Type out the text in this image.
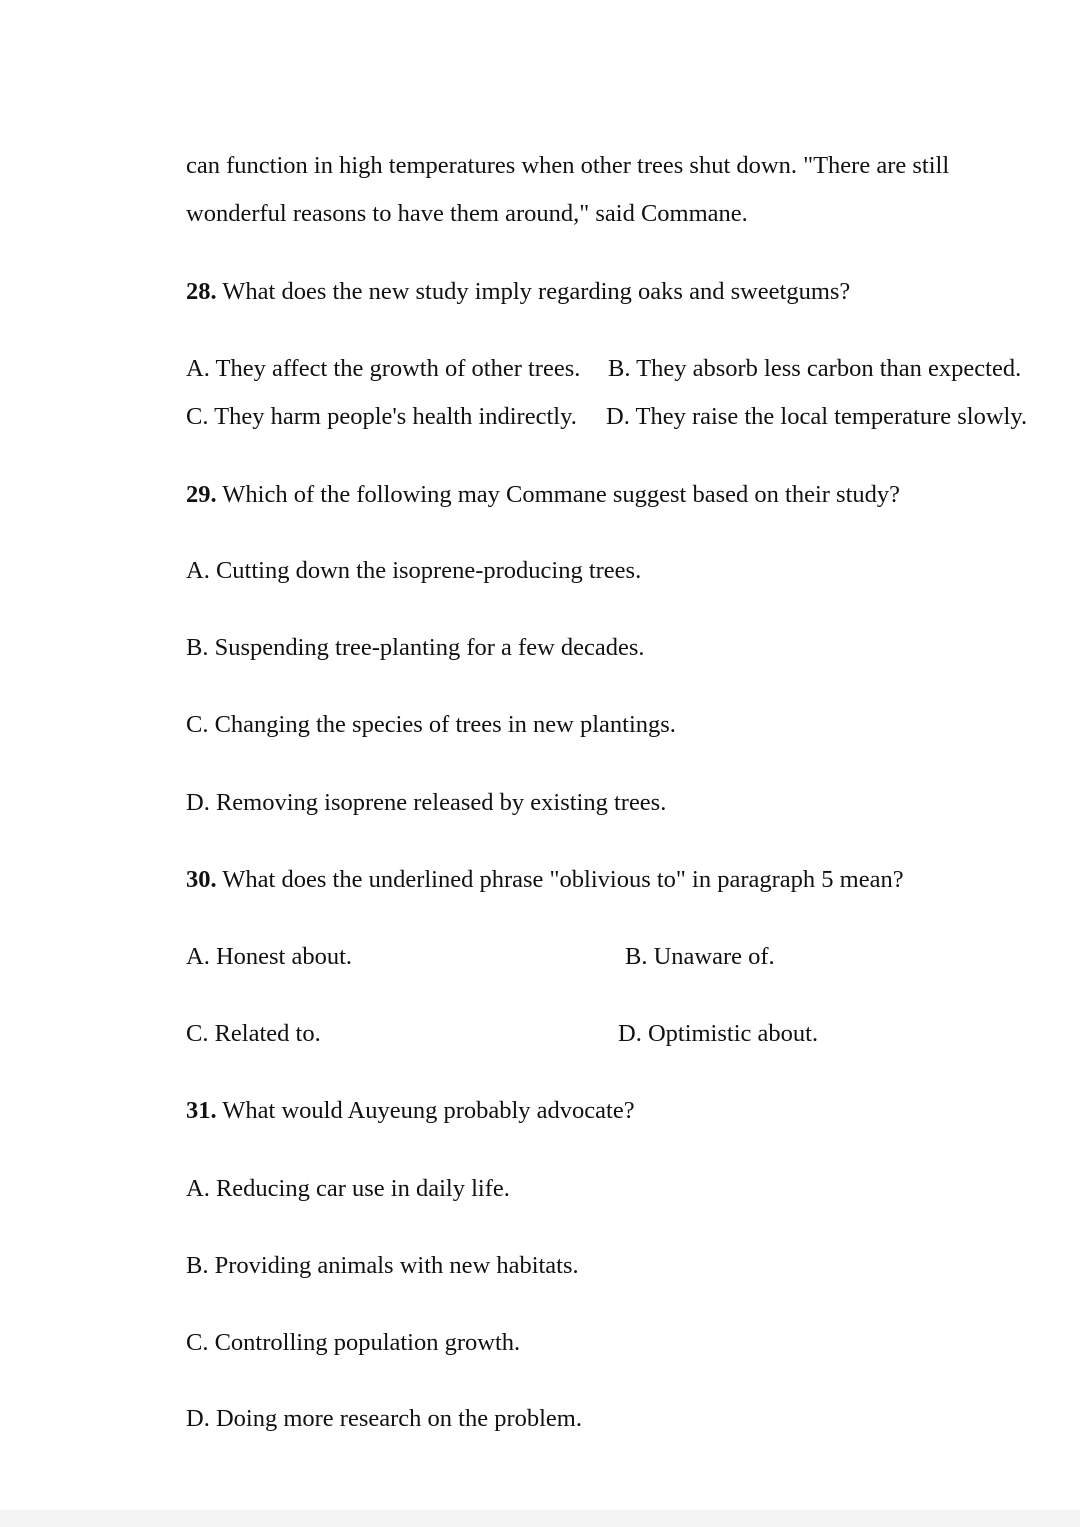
can function in high temperatures when other trees shut down. "There are still
wonderful reasons to have them around," said Commane.
28. What does the new study imply regarding oaks and sweetgums?
A. They affect the growth of other trees. B. They absorb less carbon than expected.
C. They harm people's health indirectly. D. They raise the local temperature slowly.
29. Which of the following may Commane suggest based on their study?
A. Cutting down the isoprene-producing trees.
B. Suspending tree-planting for a few decades.
C. Changing the species of trees in new plantings.
D. Removing isoprene released by existing trees.
30. What does the underlined phrase "oblivious to" in paragraph 5 mean?
A. Honest about.	B. Unaware of.
C. Related to.	D. Optimistic about.
31. What would Auyeung probably advocate?
A. Reducing car use in daily life.
B. Providing animals with new habitats.
C. Controlling population growth.
D. Doing more research on the problem.
